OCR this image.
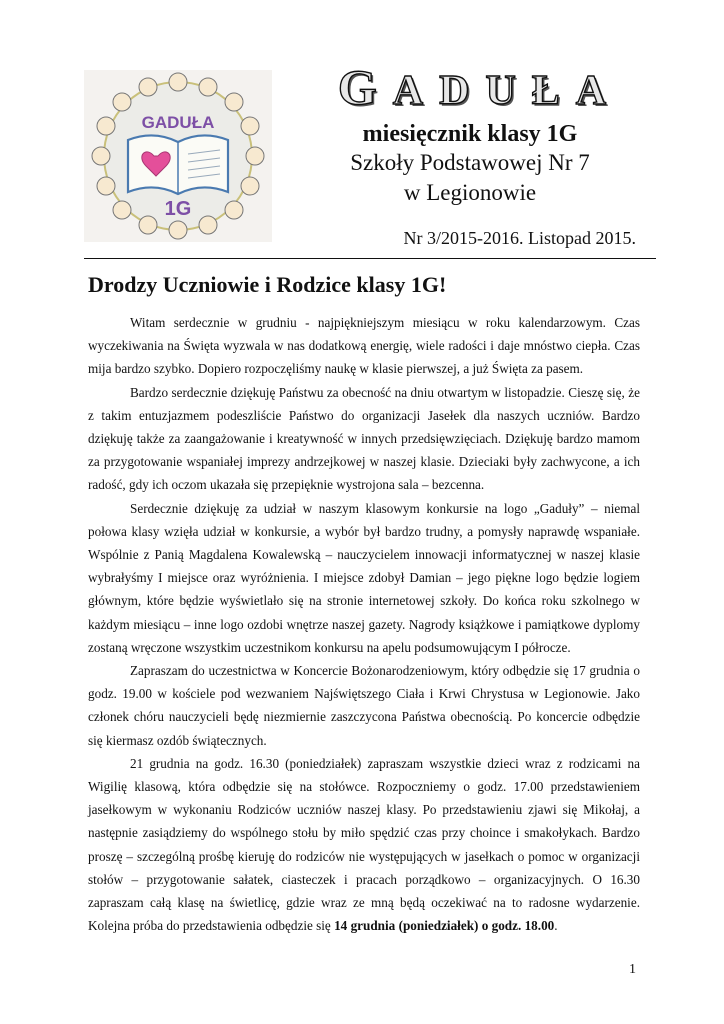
GADUŁA
1G

GADUŁA

miesięcznik klasy 1G
Szkoły Podstawowej Nr 7
w Legionowie
Nr 3/2015-2016. Listopad 2015.
Drodzy Uczniowie i Rodzice klasy 1G!

Witam serdecznie w grudniu - najpiękniejszym miesiącu w roku kalendarzowym. Czas wyczekiwania na Święta wyzwala w nas dodatkową energię, wiele radości i daje mnóstwo ciepła. Czas mija bardzo szybko. Dopiero rozpoczęliśmy naukę w klasie pierwszej, a już Święta za pasem.

Bardzo serdecznie dziękuję Państwu za obecność na dniu otwartym w listopadzie. Cieszę się, że z takim entuzjazmem podeszliście Państwo do organizacji Jasełek dla naszych uczniów. Bardzo dziękuję także za zaangażowanie i kreatywność w innych przedsięwzięciach. Dziękuję bardzo mamom za przygotowanie wspaniałej imprezy andrzejkowej w naszej klasie. Dzieciaki były zachwycone, a ich radość, gdy ich oczom ukazała się przepięknie wystrojona sala – bezcenna.

Serdecznie dziękuję za udział w naszym klasowym konkursie na logo „Gaduły” – niemal połowa klasy wzięła udział w konkursie, a wybór był bardzo trudny, a pomysły naprawdę wspaniałe. Wspólnie z Panią Magdalena Kowalewską – nauczycielem innowacji informatycznej w naszej klasie wybrałyśmy I miejsce oraz wyróżnienia. I miejsce zdobył Damian – jego piękne logo będzie logiem głównym, które będzie wyświetlało się na stronie internetowej szkoły. Do końca roku szkolnego w każdym miesiącu – inne logo ozdobi wnętrze naszej gazety. Nagrody książkowe i pamiątkowe dyplomy zostaną wręczone wszystkim uczestnikom konkursu na apelu podsumowującym I półrocze.

Zapraszam do uczestnictwa w Koncercie Bożonarodzeniowym, który odbędzie się 17 grudnia o godz. 19.00 w kościele pod wezwaniem Najświętszego Ciała i Krwi Chrystusa w Legionowie. Jako członek chóru nauczycieli będę niezmiernie zaszczycona Państwa obecnością. Po koncercie odbędzie się kiermasz ozdób świątecznych.

21 grudnia na godz. 16.30 (poniedziałek) zapraszam wszystkie dzieci wraz z rodzicami na Wigilię klasową, która odbędzie się na stołówce. Rozpoczniemy o godz. 17.00 przedstawieniem jasełkowym w wykonaniu Rodziców uczniów naszej klasy. Po przedstawieniu zjawi się Mikołaj, a następnie zasiądziemy do wspólnego stołu by miło spędzić czas przy choince i smakołykach. Bardzo proszę – szczególną prośbę kieruję do rodziców nie występujących w jasełkach o pomoc w organizacji stołów – przygotowanie sałatek, ciasteczek i pracach porządkowo – organizacyjnych. O 16.30 zapraszam całą klasę na świetlicę, gdzie wraz ze mną będą oczekiwać na to radosne wydarzenie. Kolejna próba do przedstawienia odbędzie się 14 grudnia (poniedziałek) o godz. 18.00.

1
